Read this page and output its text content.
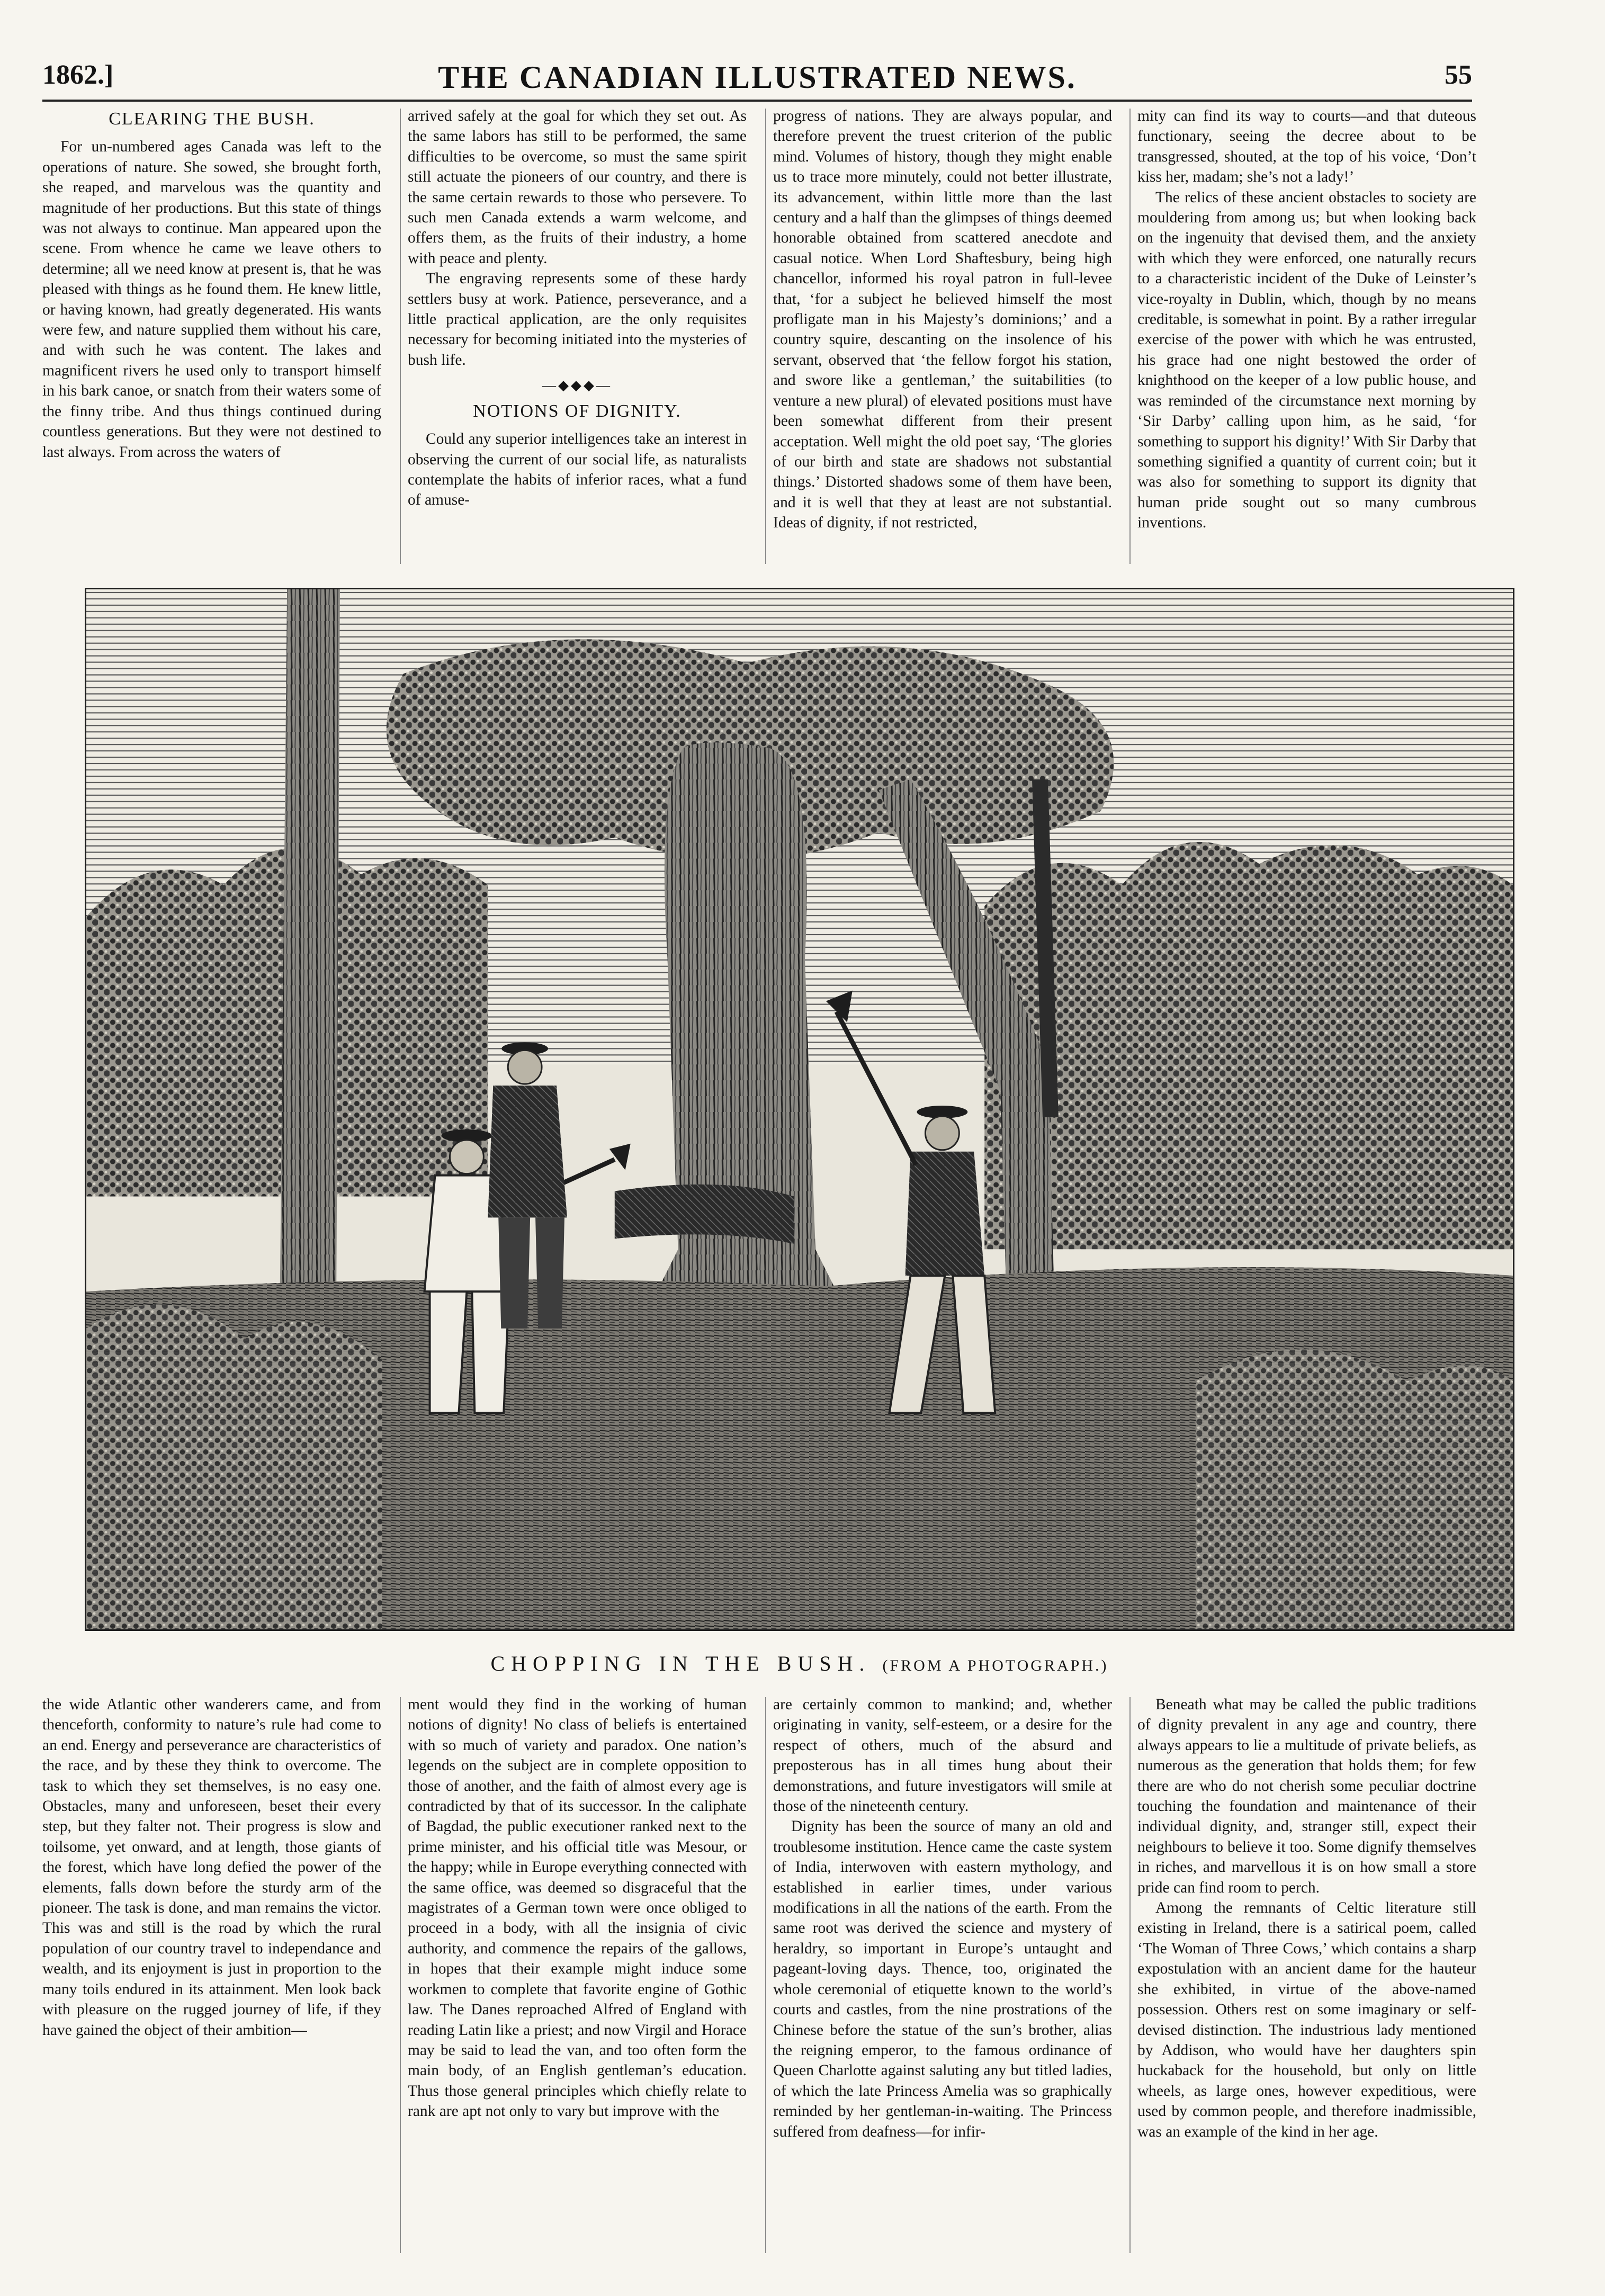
1862.]	THE CANADIAN ILLUSTRATED NEWS.	55
CLEARING THE BUSH.

For un-numbered ages Canada was left to the operations of nature. She sowed, she brought forth, she reaped, and marvelous was the quantity and magnitude of her productions. But this state of things was not always to continue. Man appeared upon the scene. From whence he came we leave others to determine; all we need know at present is, that he was pleased with things as he found them. He knew little, or having known, had greatly degenerated. His wants were few, and nature supplied them without his care, and with such he was content. The lakes and magnificent rivers he used only to transport himself in his bark canoe, or snatch from their waters some of the finny tribe. And thus things continued during countless generations. But they were not destined to last always. From across the waters of

arrived safely at the goal for which they set out. As the same labors has still to be performed, the same difficulties to be overcome, so must the same spirit still actuate the pioneers of our country, and there is the same certain rewards to those who persevere. To such men Canada extends a warm welcome, and offers them, as the fruits of their industry, a home with peace and plenty.

The engraving represents some of these hardy settlers busy at work. Patience, perseverance, and a little practical application, are the only requisites necessary for becoming initiated into the mysteries of bush life.

—◆◆◆—
NOTIONS OF DIGNITY.

Could any superior intelligences take an interest in observing the current of our social life, as naturalists contemplate the habits of inferior races, what a fund of amuse-

progress of nations. They are always popular, and therefore prevent the truest criterion of the public mind. Volumes of history, though they might enable us to trace more minutely, could not better illustrate, its advancement, within little more than the last century and a half than the glimpses of things deemed honorable obtained from scattered anecdote and casual notice. When Lord Shaftesbury, being high chancellor, informed his royal patron in full-levee that, ‘for a subject he believed himself the most profligate man in his Majesty’s dominions;’ and a country squire, descanting on the insolence of his servant, observed that ‘the fellow forgot his station, and swore like a gentleman,’ the suitabilities (to venture a new plural) of elevated positions must have been somewhat different from their present acceptation. Well might the old poet say, ‘The glories of our birth and state are shadows not substantial things.’ Distorted shadows some of them have been, and it is well that they at least are not substantial. Ideas of dignity, if not restricted,

mity can find its way to courts—and that duteous functionary, seeing the decree about to be transgressed, shouted, at the top of his voice, ‘Don’t kiss her, madam; she’s not a lady!’

The relics of these ancient obstacles to society are mouldering from among us; but when looking back on the ingenuity that devised them, and the anxiety with which they were enforced, one naturally recurs to a characteristic incident of the Duke of Leinster’s vice-royalty in Dublin, which, though by no means creditable, is somewhat in point. By a rather irregular exercise of the power with which he was entrusted, his grace had one night bestowed the order of knighthood on the keeper of a low public house, and was reminded of the circumstance next morning by ‘Sir Darby’ calling upon him, as he said, ‘for something to support his dignity!’ With Sir Darby that something signified a quantity of current coin; but it was also for something to support its dignity that human pride sought out so many cumbrous inventions.

CHOPPING IN THE BUSH. (FROM A PHOTOGRAPH.)

the wide Atlantic other wanderers came, and from thenceforth, conformity to nature’s rule had come to an end. Energy and perseverance are characteristics of the race, and by these they think to overcome. The task to which they set themselves, is no easy one. Obstacles, many and unforeseen, beset their every step, but they falter not. Their progress is slow and toilsome, yet onward, and at length, those giants of the forest, which have long defied the power of the elements, falls down before the sturdy arm of the pioneer. The task is done, and man remains the victor. This was and still is the road by which the rural population of our country travel to independance and wealth, and its enjoyment is just in proportion to the many toils endured in its attainment. Men look back with pleasure on the rugged journey of life, if they have gained the object of their ambition—

ment would they find in the working of human notions of dignity! No class of beliefs is entertained with so much of variety and paradox. One nation’s legends on the subject are in complete opposition to those of another, and the faith of almost every age is contradicted by that of its successor. In the caliphate of Bagdad, the public executioner ranked next to the prime minister, and his official title was Mesour, or the happy; while in Europe everything connected with the same office, was deemed so disgraceful that the magistrates of a German town were once obliged to proceed in a body, with all the insignia of civic authority, and commence the repairs of the gallows, in hopes that their example might induce some workmen to complete that favorite engine of Gothic law. The Danes reproached Alfred of England with reading Latin like a priest; and now Virgil and Horace may be said to lead the van, and too often form the main body, of an English gentleman’s education. Thus those general principles which chiefly relate to rank are apt not only to vary but improve with the

are certainly common to mankind; and, whether originating in vanity, self-esteem, or a desire for the respect of others, much of the absurd and preposterous has in all times hung about their demonstrations, and future investigators will smile at those of the nineteenth century.

Dignity has been the source of many an old and troublesome institution. Hence came the caste system of India, interwoven with eastern mythology, and established in earlier times, under various modifications in all the nations of the earth. From the same root was derived the science and mystery of heraldry, so important in Europe’s untaught and pageant-loving days. Thence, too, originated the whole ceremonial of etiquette known to the world’s courts and castles, from the nine prostrations of the Chinese before the statue of the sun’s brother, alias the reigning emperor, to the famous ordinance of Queen Charlotte against saluting any but titled ladies, of which the late Princess Amelia was so graphically reminded by her gentleman-in-waiting. The Princess suffered from deafness—for infir-

Beneath what may be called the public traditions of dignity prevalent in any age and country, there always appears to lie a multitude of private beliefs, as numerous as the generation that holds them; for few there are who do not cherish some peculiar doctrine touching the foundation and maintenance of their individual dignity, and, stranger still, expect their neighbours to believe it too. Some dignify themselves in riches, and marvellous it is on how small a store pride can find room to perch.

Among the remnants of Celtic literature still existing in Ireland, there is a satirical poem, called ‘The Woman of Three Cows,’ which contains a sharp expostulation with an ancient dame for the hauteur she exhibited, in virtue of the above-named possession. Others rest on some imaginary or self-devised distinction. The industrious lady mentioned by Addison, who would have her daughters spin huckaback for the household, but only on little wheels, as large ones, however expeditious, were used by common people, and therefore inadmissible, was an example of the kind in her age.
